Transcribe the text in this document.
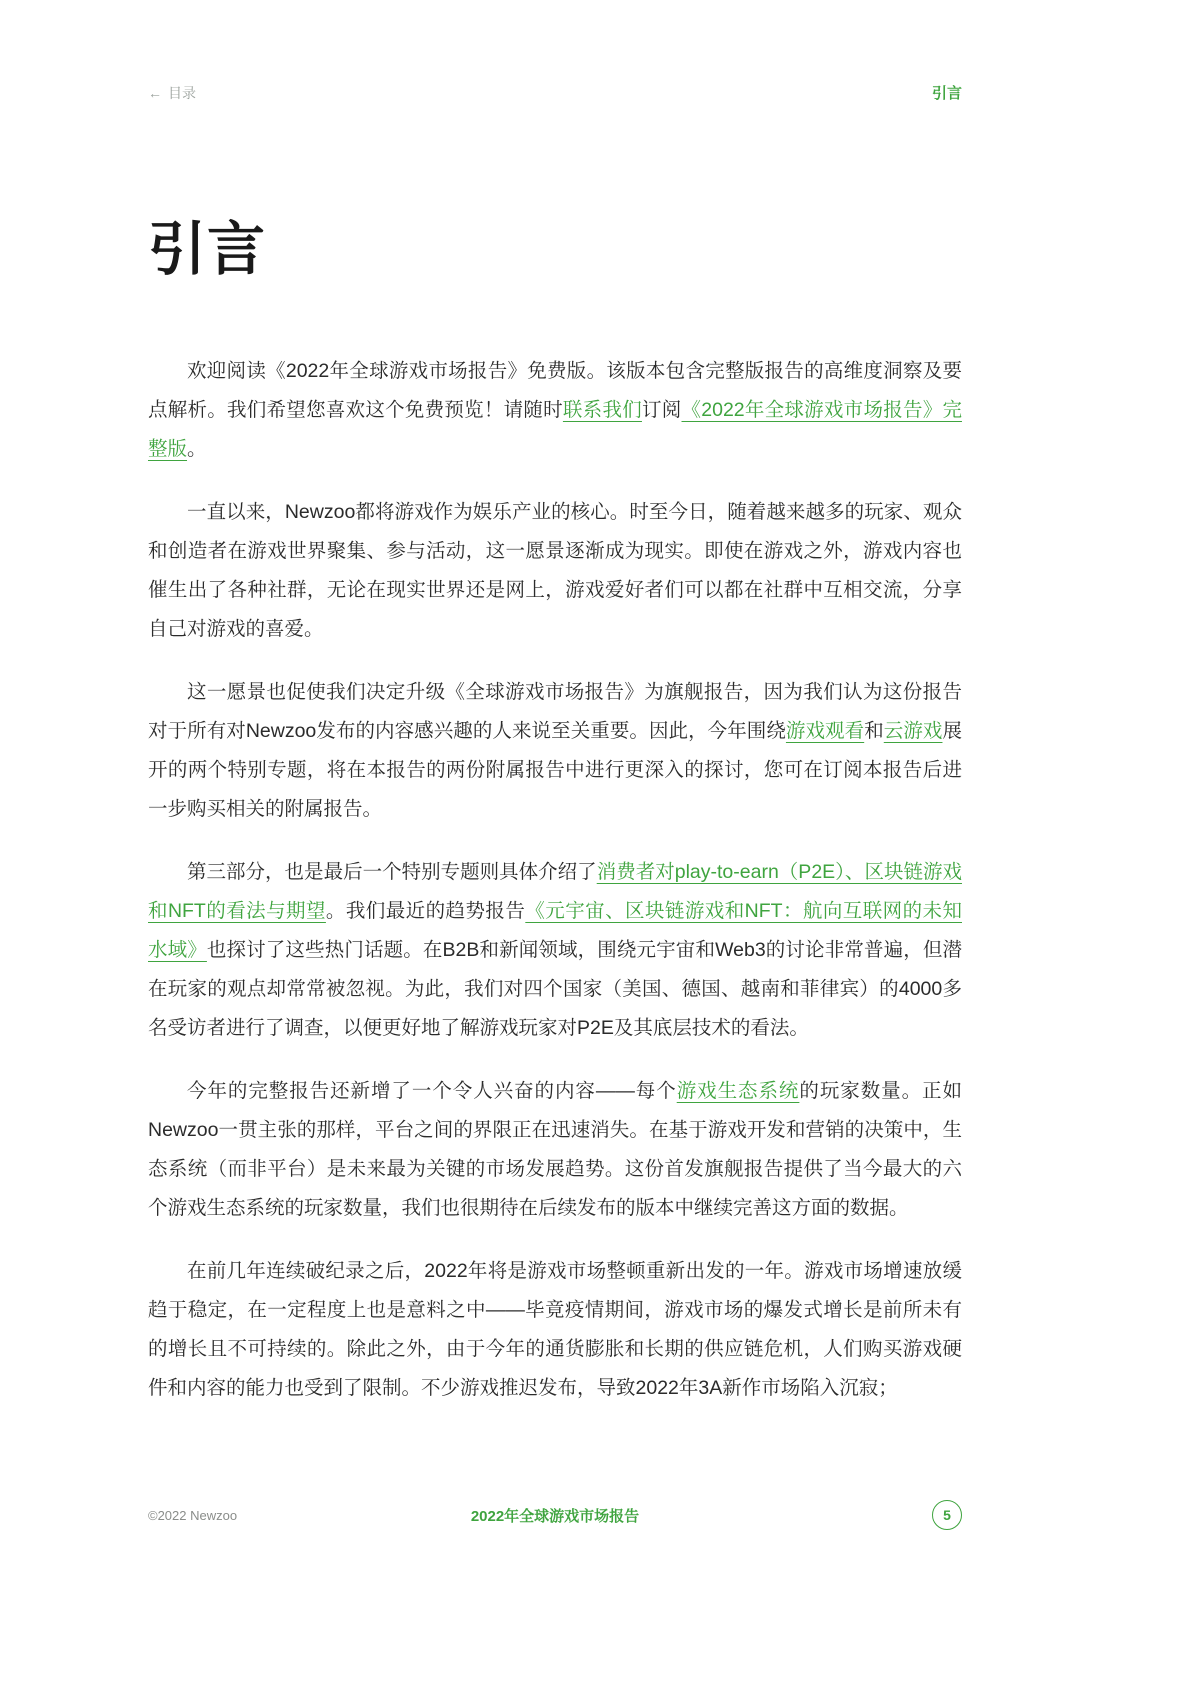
← 目录	引言
引言

欢迎阅读《2022年全球游戏市场报告》免费版。该版本包含完整版报告的高维度洞察及要点解析。我们希望您喜欢这个免费预览！请随时联系我们订阅《2022年全球游戏市场报告》完整版。

一直以来，Newzoo都将游戏作为娱乐产业的核心。时至今日，随着越来越多的玩家、观众和创造者在游戏世界聚集、参与活动，这一愿景逐渐成为现实。即使在游戏之外，游戏内容也催生出了各种社群，无论在现实世界还是网上，游戏爱好者们可以都在社群中互相交流，分享自己对游戏的喜爱。

这一愿景也促使我们决定升级《全球游戏市场报告》为旗舰报告，因为我们认为这份报告对于所有对Newzoo发布的内容感兴趣的人来说至关重要。因此，今年围绕游戏观看和云游戏展开的两个特别专题，将在本报告的两份附属报告中进行更深入的探讨，您可在订阅本报告后进一步购买相关的附属报告。

第三部分，也是最后一个特别专题则具体介绍了消费者对play-to-earn（P2E）、区块链游戏和NFT的看法与期望。我们最近的趋势报告《元宇宙、区块链游戏和NFT：航向互联网的未知水域》也探讨了这些热门话题。在B2B和新闻领域，围绕元宇宙和Web3的讨论非常普遍，但潜在玩家的观点却常常被忽视。为此，我们对四个国家（美国、德国、越南和菲律宾）的4000多名受访者进行了调查，以便更好地了解游戏玩家对P2E及其底层技术的看法。

今年的完整报告还新增了一个令人兴奋的内容——每个游戏生态系统的玩家数量。正如Newzoo一贯主张的那样，平台之间的界限正在迅速消失。在基于游戏开发和营销的决策中，生态系统（而非平台）是未来最为关键的市场发展趋势。这份首发旗舰报告提供了当今最大的六个游戏生态系统的玩家数量，我们也很期待在后续发布的版本中继续完善这方面的数据。

在前几年连续破纪录之后，2022年将是游戏市场整顿重新出发的一年。游戏市场增速放缓趋于稳定，在一定程度上也是意料之中——毕竟疫情期间，游戏市场的爆发式增长是前所未有的增长且不可持续的。除此之外，由于今年的通货膨胀和长期的供应链危机，人们购买游戏硬件和内容的能力也受到了限制。不少游戏推迟发布，导致2022年3A新作市场陷入沉寂；

©2022 Newzoo	2022年全球游戏市场报告	5
